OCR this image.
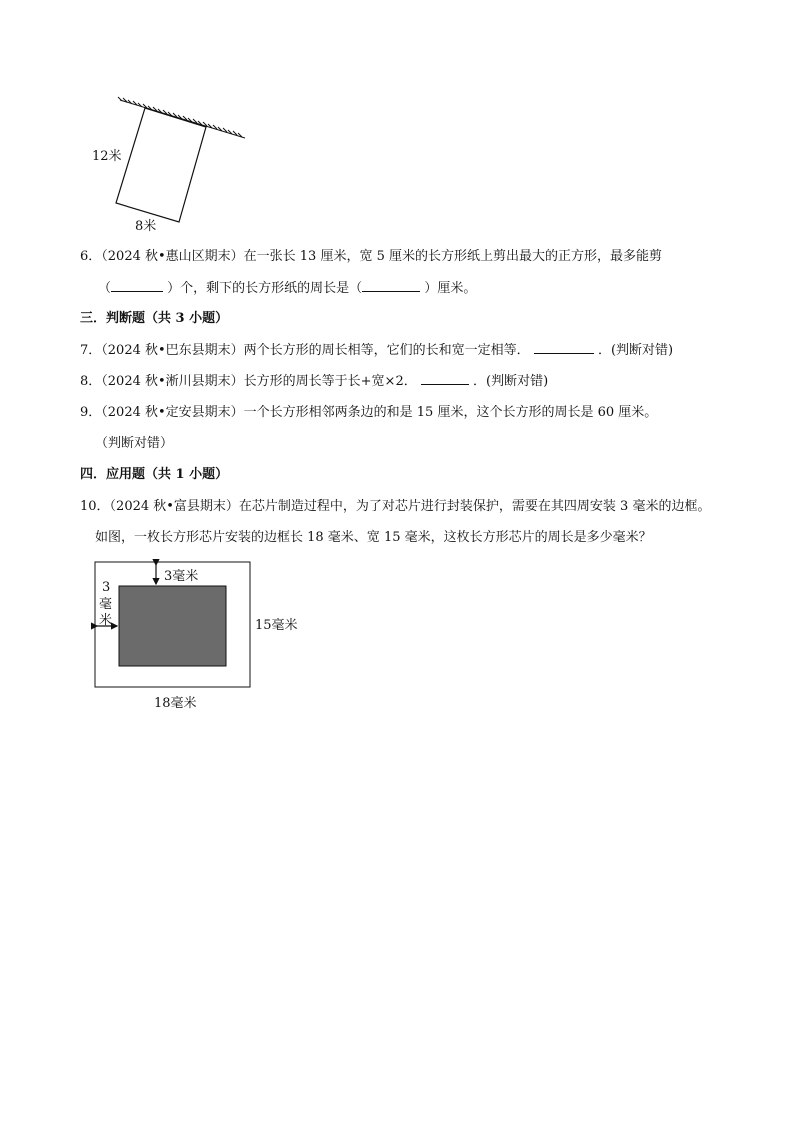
12米
8米
6．（2024 秋•惠山区期末）在一张长 13 厘米，宽 5 厘米的长方形纸上剪出最大的正方形，最多能剪
（	）个，剩下的长方形纸的周长是（	）厘米。
三．判断题（共 3 小题）
7．（2024 秋•巴东县期末）两个长方形的周长相等，它们的长和宽一定相等．	．(判断对错)
8．（2024 秋•淅川县期末）长方形的周长等于长+宽×2．	．(判断对错)
9．（2024 秋•定安县期末）一个长方形相邻两条边的和是 15 厘米，这个长方形的周长是 60 厘米。
（判断对错）
四．应用题（共 1 小题）
10．（2024 秋•富县期末）在芯片制造过程中，为了对芯片进行封装保护，需要在其四周安装 3 毫米的边框。
如图，一枚长方形芯片安装的边框长 18 毫米、宽 15 毫米，这枚长方形芯片的周长是多少毫米？
3毫米
3
毫
米	15毫米
18毫米
